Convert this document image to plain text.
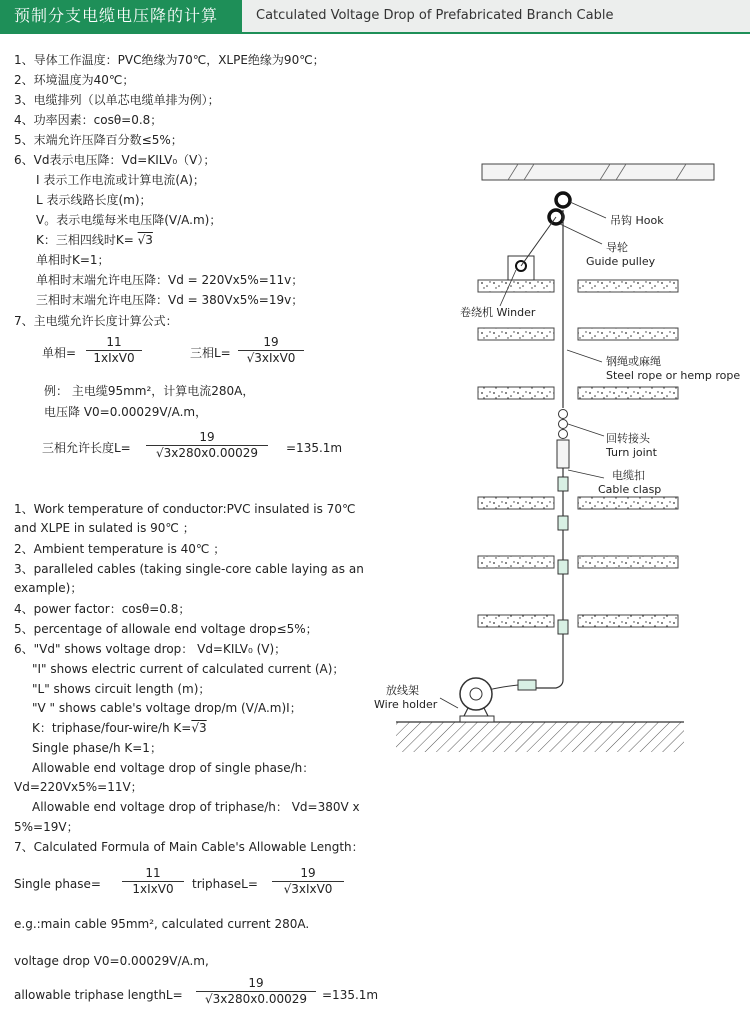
预制分支电缆电压降的计算	Catculated Voltage Drop of Prefabricated Branch Cable
1、导体工作温度：PVC绝缘为70℃，XLPE绝缘为90℃；
2、环境温度为40℃；
3、电缆排列（以单芯电缆单排为例）；
4、功率因素：cosθ=0.8；
5、末端允许压降百分数≤5%；
6、Vd表示电压降：Vd=KILV₀（V）；
I 表示工作电流或计算电流(A)；
L 表示线路长度(m)；
V。表示电缆每米电压降(V/A.m)；
K：三相四线时K= √3
单相时K=1；
单相时末端允许电压降：Vd = 220Vx5%=11v；
三相时末端允许电压降：Vd = 380Vx5%=19v；
7、主电缆允许长度计算公式：
单相=
11
1xIxV0	三相L=
19
√3xIxV0
例： 主电缆95mm²，计算电流280A，
电压降 V0=0.00029V/A.m，
三相允许长度L=
19
√3x280x0.00029	=135.1m
1、Work temperature of conductor:PVC insulated is 70℃
and XLPE in sulated is 90℃ ；
2、Ambient temperature is 40℃ ；
3、paralleled cables (taking single-core cable laying as an
example)；
4、power factor：cosθ=0.8；
5、percentage of allowale end voltage drop≤5%；
6、"Vd" shows voltage drop： Vd=KILV₀ (V)；
"I" shows electric current of calculated current (A)；
"L" shows circuit length (m)；
"V " shows cable's voltage drop/m (V/A.m)I；
K：triphase/four-wire/h K=√3
Single phase/h K=1；
Allowable end voltage drop of single phase/h：
Vd=220Vx5%=11V；
Allowable end voltage drop of triphase/h： Vd=380V x
5%=19V；
7、Calculated Formula of Main Cable's Allowable Length：
Single phase=
11
1xIxV0	triphaseL=
19
√3xIxV0
e.g.:main cable 95mm², calculated current 280A.
voltage drop V0=0.00029V/A.m,
allowable triphase lengthL=
19
√3x280x0.00029	=135.1m
吊钩 Hook
导轮
Guide pulley
卷绕机 Winder
钢绳或麻绳
Steel rope or hemp rope
回转接头
Turn joint
电缆扣
Cable clasp
放线架
Wire holder
